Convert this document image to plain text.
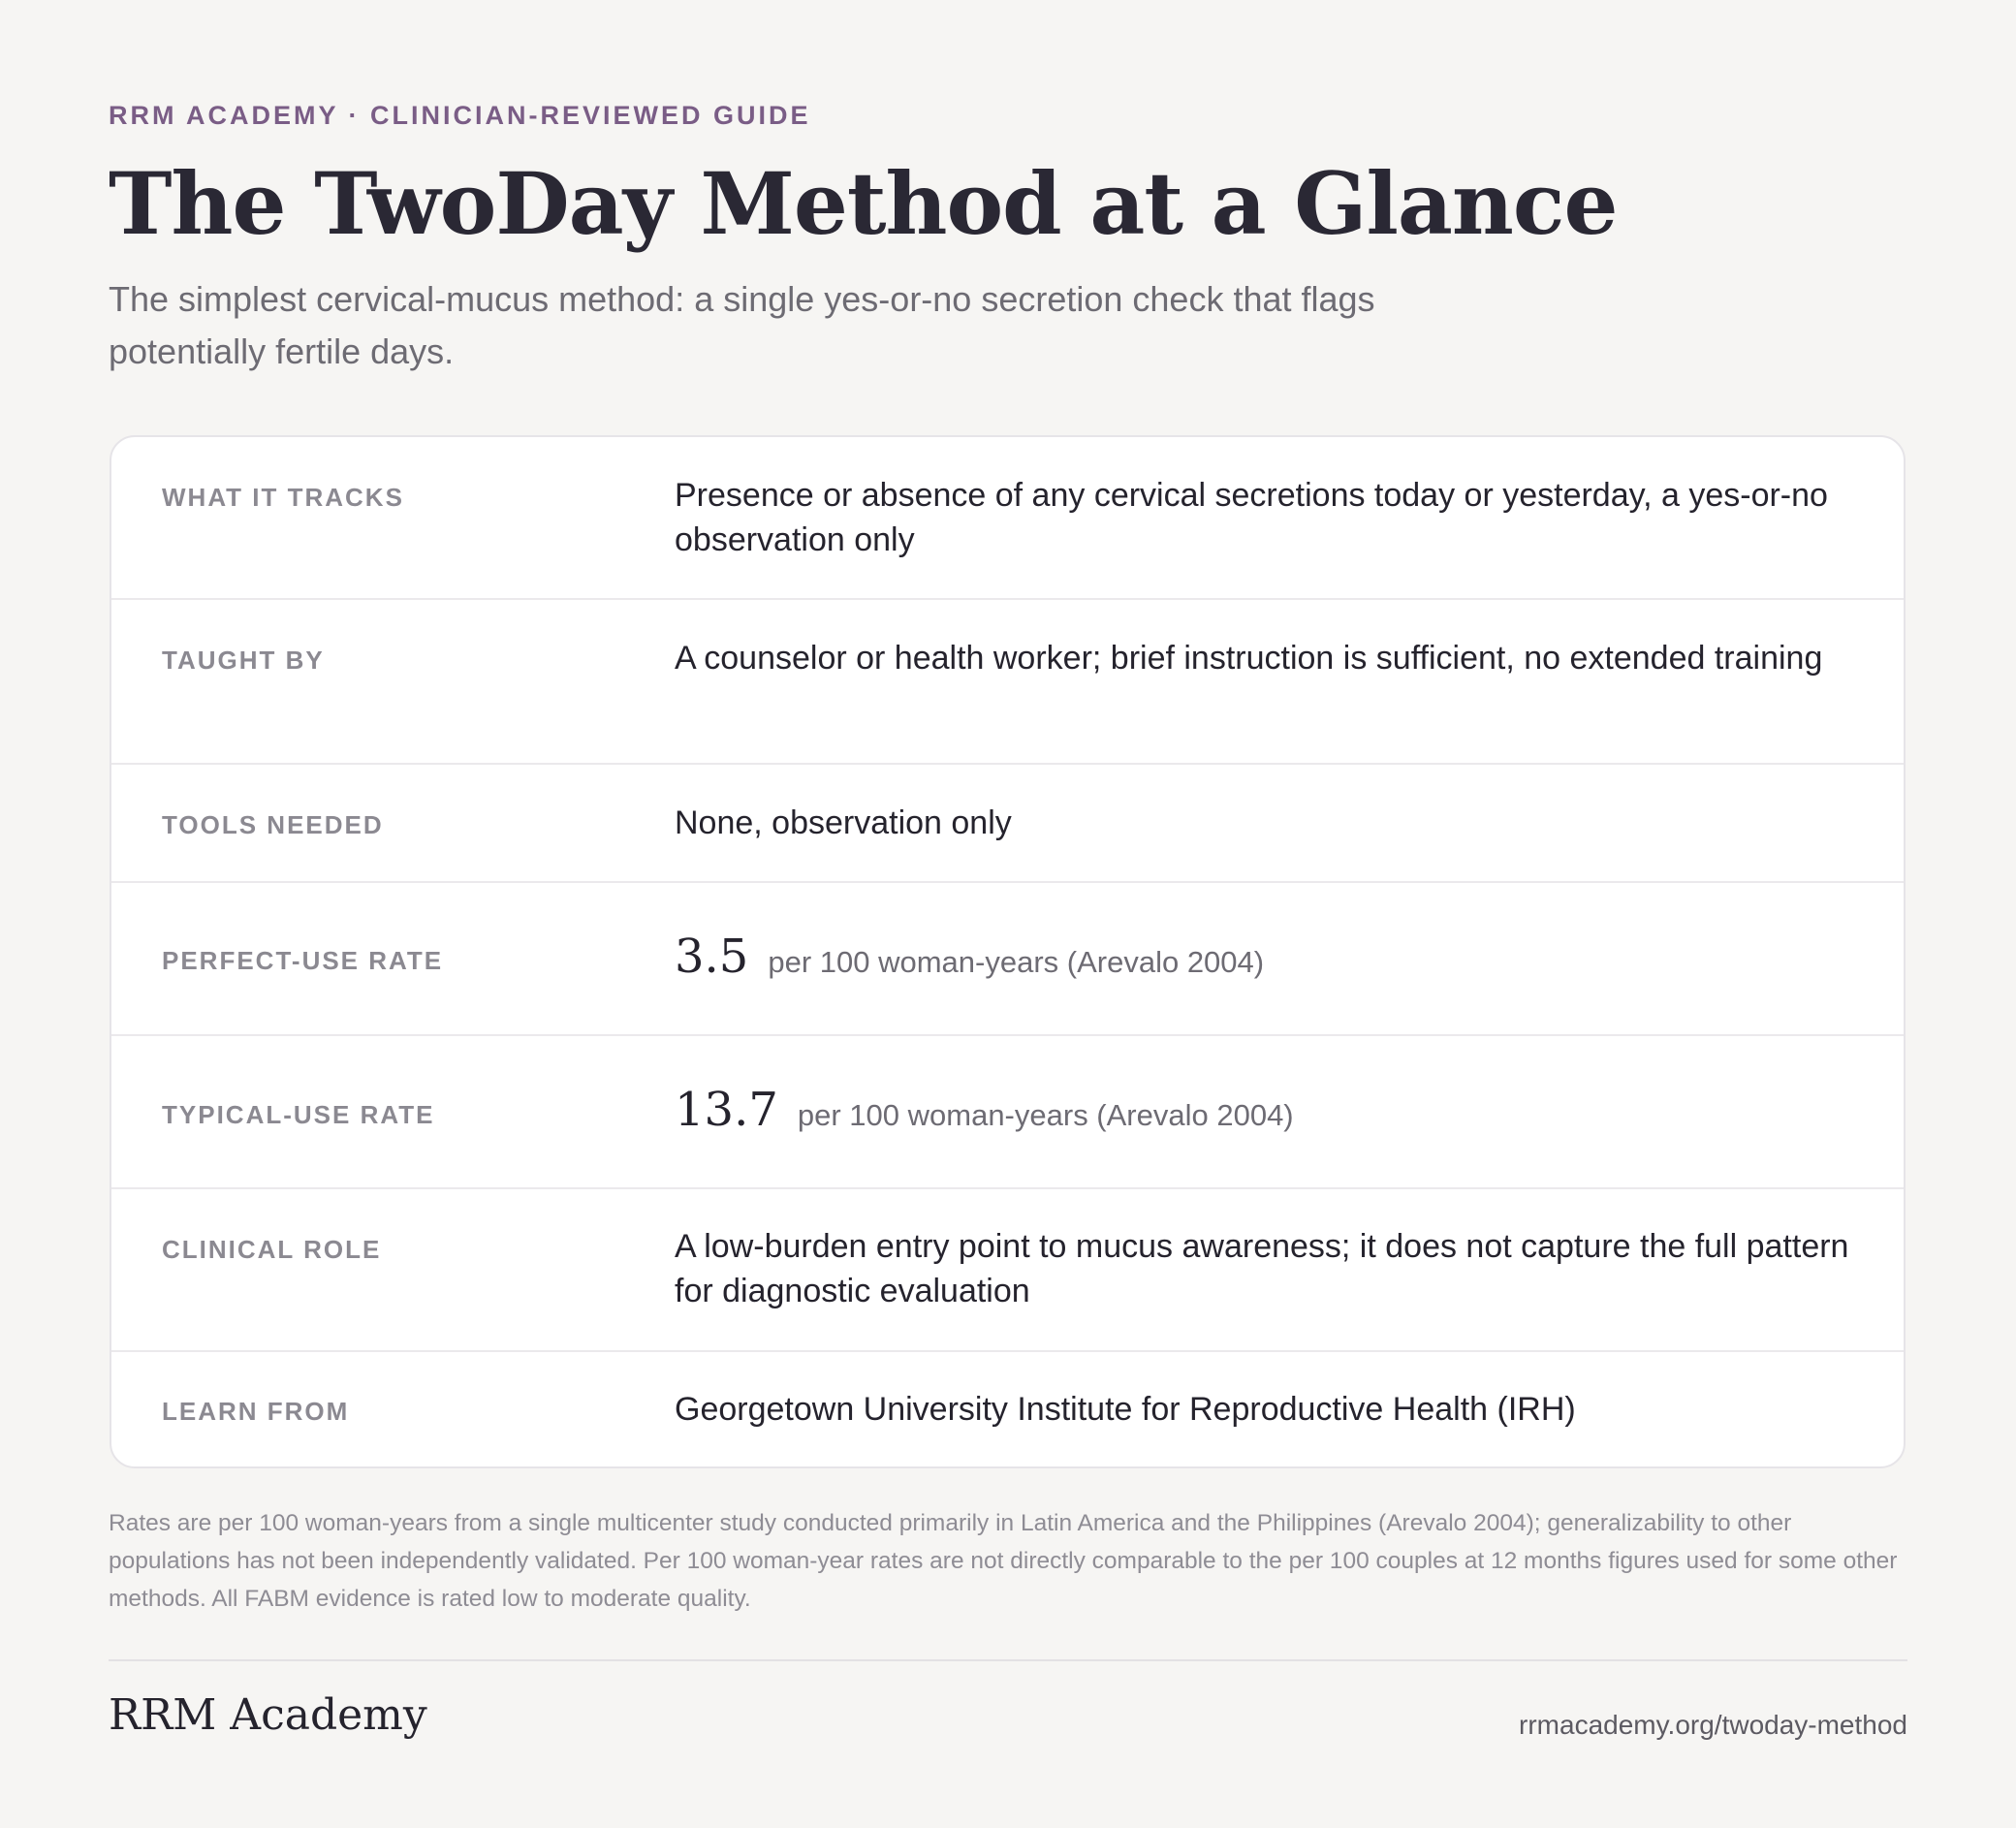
RRM ACADEMY · CLINICIAN-REVIEWED GUIDE
The TwoDay Method at a Glance

The simplest cervical-mucus method: a single yes-or-no secretion check that flags potentially fertile days.

WHAT IT TRACKS	Presence or absence of any cervical secretions today or yesterday, a yes-or-no observation only
TAUGHT BY	A counselor or health worker; brief instruction is sufficient, no extended training
TOOLS NEEDED	None, observation only
PERFECT-USE RATE	3.5 per 100 woman-years (Arevalo 2004)
TYPICAL-USE RATE	13.7 per 100 woman-years (Arevalo 2004)
CLINICAL ROLE	A low-burden entry point to mucus awareness; it does not capture the full pattern for diagnostic evaluation
LEARN FROM	Georgetown University Institute for Reproductive Health (IRH)

Rates are per 100 woman-years from a single multicenter study conducted primarily in Latin America and the Philippines (Arevalo 2004); generalizability to other populations has not been independently validated. Per 100 woman-year rates are not directly comparable to the per 100 couples at 12 months figures used for some other methods. All FABM evidence is rated low to moderate quality.

RRM Academy	rrmacademy.org/twoday-method
